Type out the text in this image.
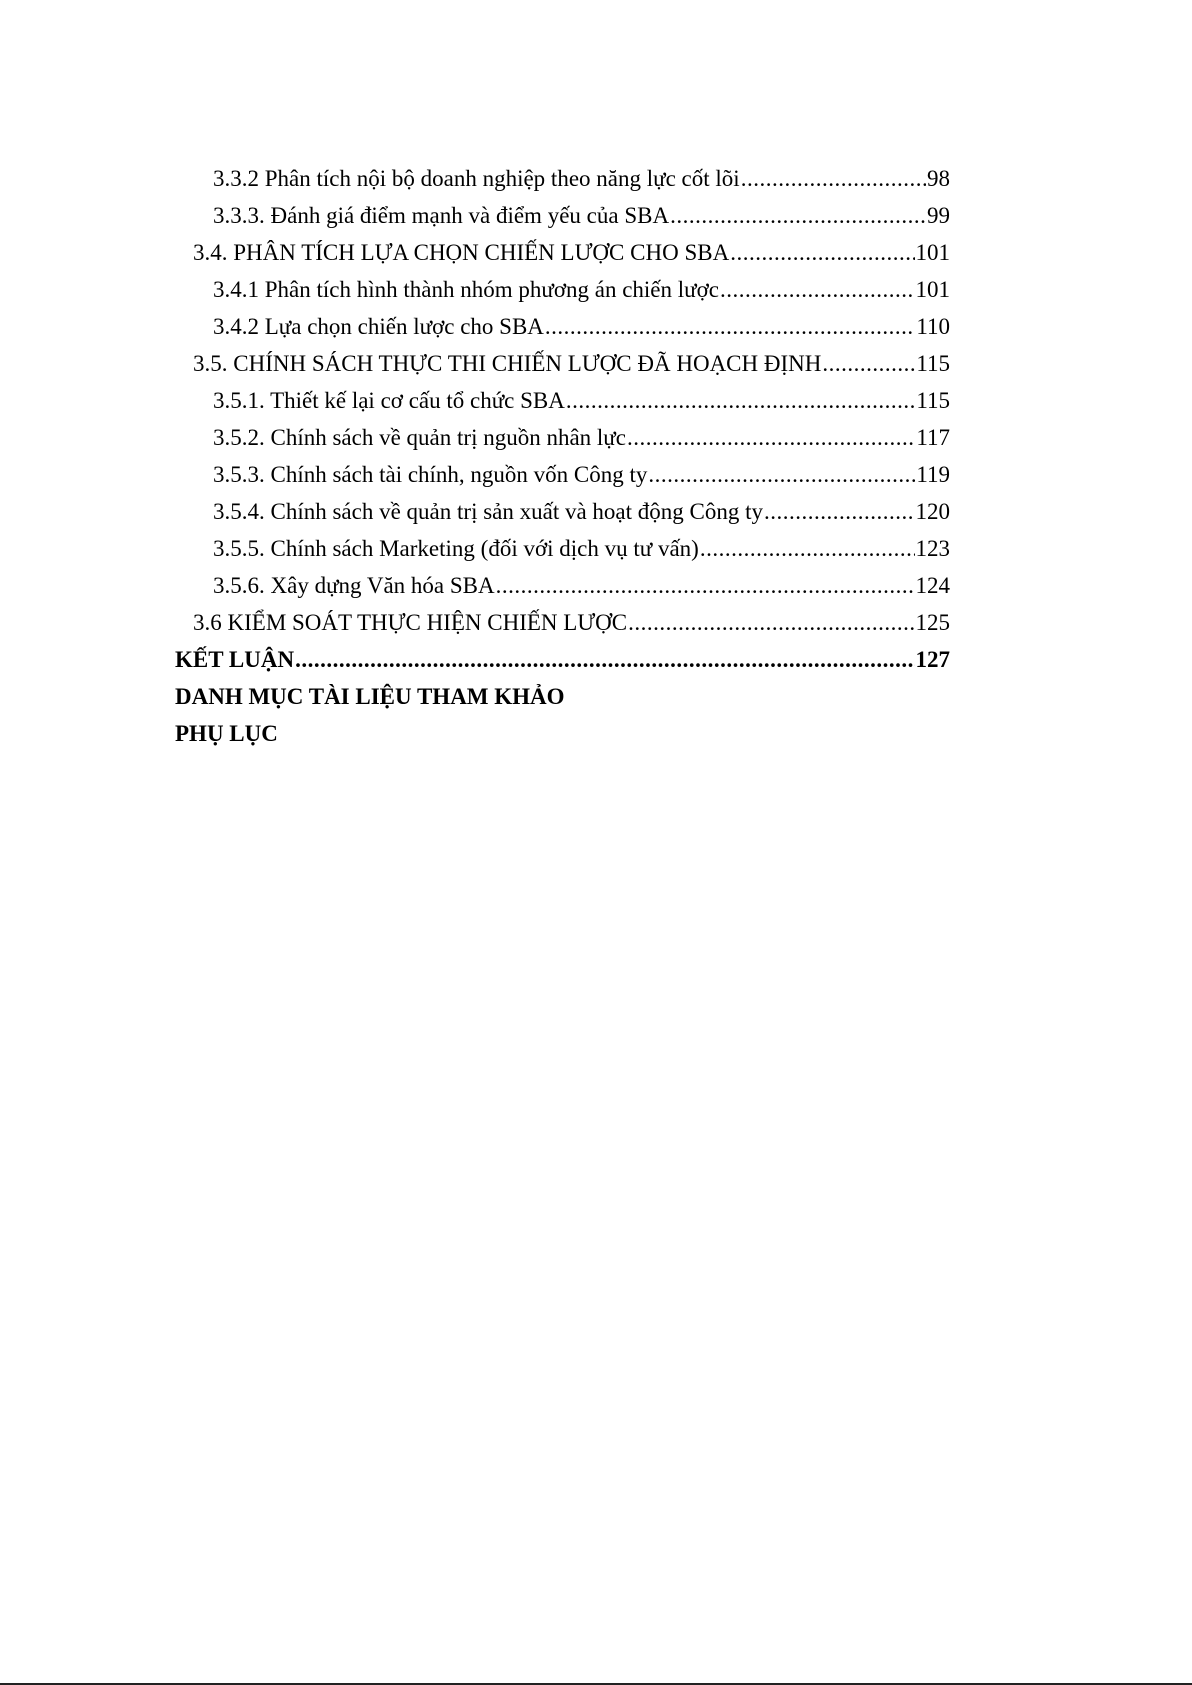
3.3.2 Phân tích nội bộ doanh nghiệp theo năng lực cốt lõi .....	98
3.3.3. Đánh giá điểm mạnh và điểm yếu của SBA .....	99
3.4. PHÂN TÍCH LỰA CHỌN CHIẾN LƯỢC CHO SBA .....	101
3.4.1 Phân tích hình thành nhóm phương án chiến lược .....	101
3.4.2 Lựa chọn chiến lược cho SBA .....	110
3.5. CHÍNH SÁCH THỰC THI CHIẾN LƯỢC ĐÃ HOẠCH ĐỊNH .....	115
3.5.1. Thiết kế lại cơ cấu tổ chức SBA .....	115
3.5.2. Chính sách về quản trị nguồn nhân lực .....	117
3.5.3. Chính sách tài chính, nguồn vốn Công ty .....	119
3.5.4. Chính sách về quản trị sản xuất và hoạt động Công ty .....	120
3.5.5. Chính sách Marketing (đối với dịch vụ tư vấn) .....	123
3.5.6. Xây dựng Văn hóa SBA .....	124
3.6 KIỂM SOÁT THỰC HIỆN CHIẾN LƯỢC .....	125
KẾT LUẬN .....	127
DANH MỤC TÀI LIỆU THAM KHẢO
PHỤ LỤC
